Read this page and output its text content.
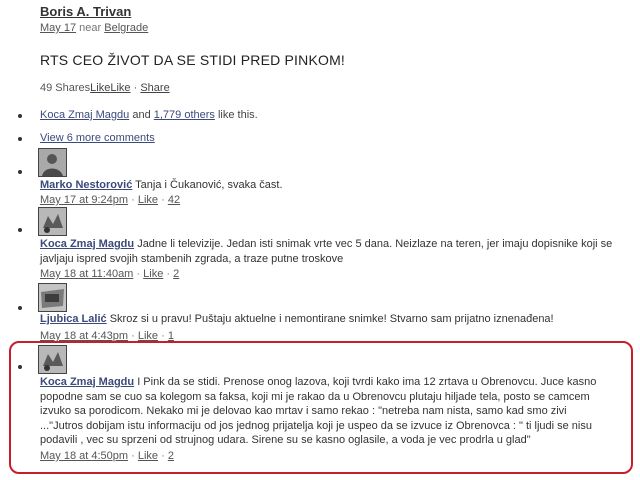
Boris A. Trivan
May 17 near Belgrade
RTS CEO ŽIVOT DA SE STIDI PRED PINKOM!
49 SharesLikeLike · Share
Koca Zmaj Magdu and 1,779 others like this.
View 6 more comments
Marko Nestorović Tanja i Čukanović, svaka čast.
May 17 at 9:24pm · Like · 42
Koca Zmaj Magdu Jadne li televizije. Jedan isti snimak vrte vec 5 dana. Neizlaze na teren, jer imaju dopisnike koji se javljaju ispred svojih stambenih zgrada, a traze putne troskove
May 18 at 11:40am · Like · 2
Ljubica Lalić Skroz si u pravu! Puštaju aktuelne i nemontirane snimke! Stvarno sam prijatno iznenađena!
May 18 at 4:43pm · Like · 1
Koca Zmaj Magdu I Pink da se stidi. Prenose onog lazova, koji tvrdi kako ima 12 zrtava u Obrenovcu. Juce kasno popodne sam se cuo sa kolegom sa faksa, koji mi je rakao da u Obrenovcu plutaju hiljade tela, posto se camcem izvuko sa porodicom. Nekako mi je delovao kao mrtav i samo rekao : "netreba nam nista, samo kad smo zivi ..."Jutros dobijam istu informaciju od jos jednog prijatelja koji je uspeo da se izvuce iz Obrenovca : " ti ljudi se nisu podavili , vec su sprzeni od strujnog udara. Sirene su se kasno oglasile, a voda je vec prodrla u glad"
May 18 at 4:50pm · Like · 2
